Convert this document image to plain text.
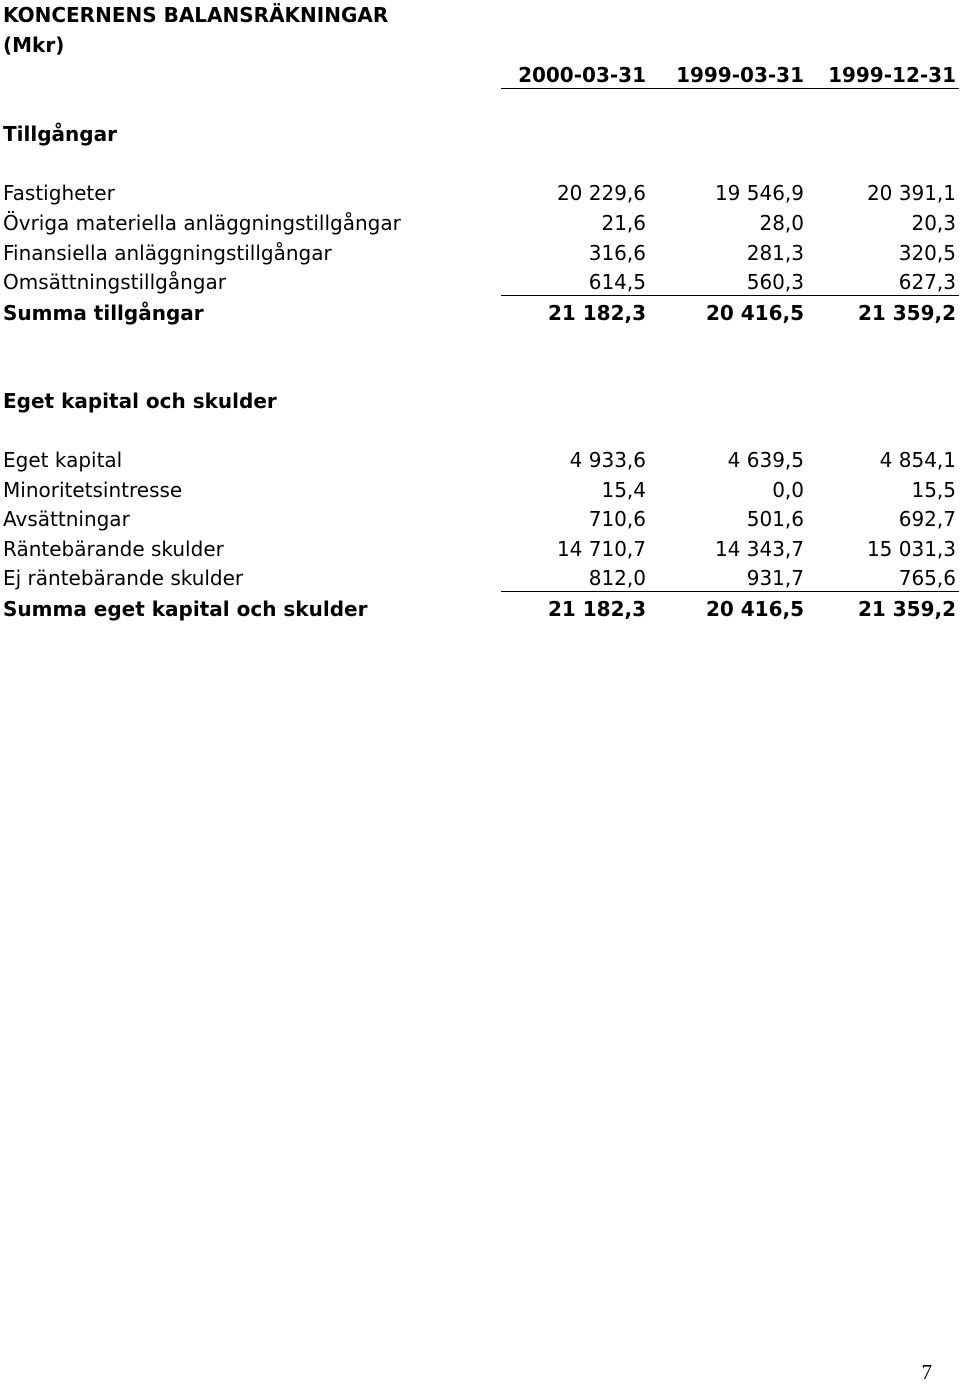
KONCERNENS BALANSRÄKNINGAR
(Mkr)
2000-03-31 1999-03-31 1999-12-31
Tillgångar
Fastigheter	20 229,6	19 546,9	20 391,1
Övriga materiella anläggningstillgångar	21,6	28,0	20,3
Finansiella anläggningstillgångar	316,6	281,3	320,5
Omsättningstillgångar	614,5	560,3	627,3
Summa tillgångar	21 182,3	20 416,5	21 359,2
Eget kapital och skulder
Eget kapital	4 933,6	4 639,5	4 854,1
Minoritetsintresse	15,4	0,0	15,5
Avsättningar	710,6	501,6	692,7
Räntebärande skulder	14 710,7	14 343,7	15 031,3
Ej räntebärande skulder	812,0	931,7	765,6
Summa eget kapital och skulder	21 182,3	20 416,5	21 359,2
7
